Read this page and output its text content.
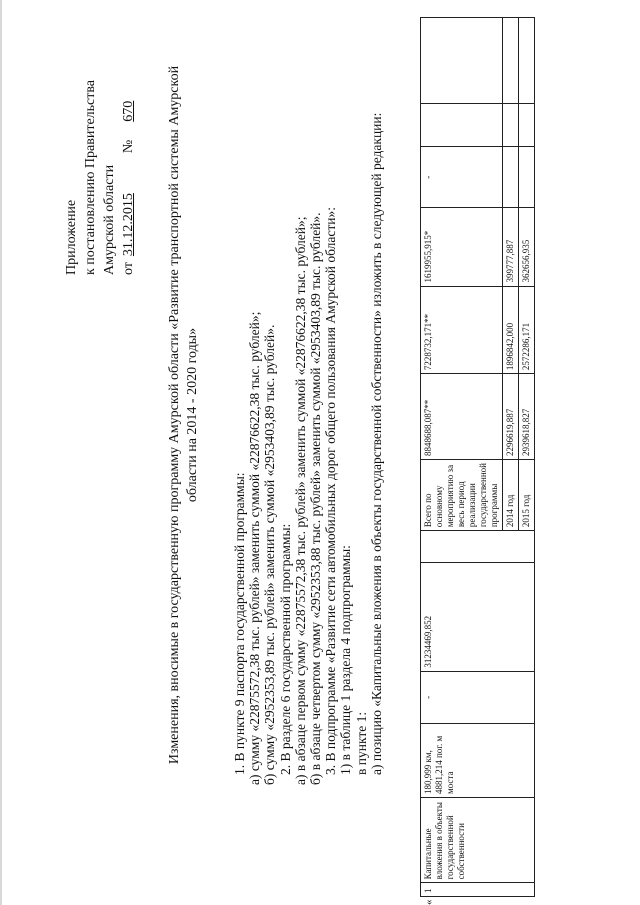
Приложение к постановлению Правительства Амурской области от
31.12.2015
№
670 Изменения, вносимые в государственную программу Амурской области «Развитие транспортной системы Амурской области на 2014 - 2020 годы»

1. В пункте 9 паспорта государственной программы: а) сумму «22875572,38 тыс. рублей» заменить суммой «22876622,38 тыс. рублей»; б) сумму «2952353,89 тыс. рублей» заменить суммой «2953403,89 тыс. рублей». 2. В разделе 6 государственной программы: а) в абзаце первом сумму «22875572,38 тыс. рублей» заменить суммой «22876622,38 тыс. рублей»; б) в абзаце четвертом сумму «2952353,88 тыс. рублей» заменить суммой «2953403,89 тыс. рублей». 3. В подпрограмме «Развитие сети автомобильных дорог общего пользования Амурской области»: 1) в таблице 1 раздела 4 подпрограммы: в пункте 1: а) позицию «Капитальные вложения в объекты государственной собственности» изложить в следующей редакции:

«
1	Капитальные вложения в объекты государственной собственности	180,999 км, 4881,214 пог. м моста	-	31234469,852		Всего по основному мероприятию за весь период реализации государственной программы	8848688,087**	7228732,171**	1619955,915*	-		
						2014 год	2296619,887	1896842,000	399777,887			
						2015 год	2939618,827	2572286,171	362656,935			
